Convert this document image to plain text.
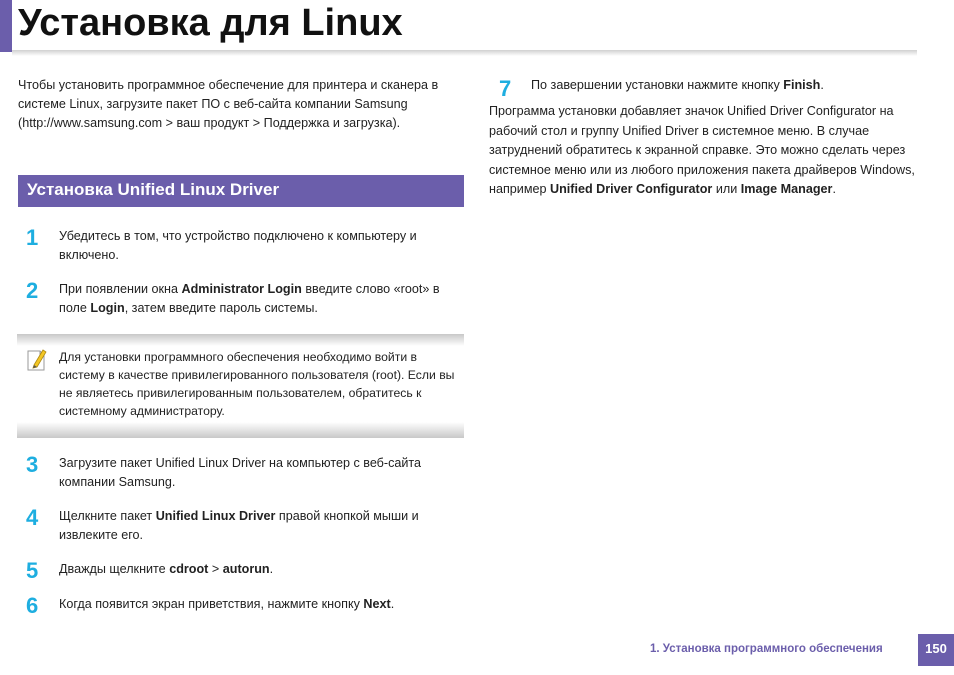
Установка для Linux
Чтобы установить программное обеспечение для принтера и сканера в системе Linux, загрузите пакет ПО с веб-сайта компании Samsung (http://www.samsung.com > ваш продукт > Поддержка и загрузка).
Установка Unified Linux Driver
1 Убедитесь в том, что устройство подключено к компьютеру и включено.
2 При появлении окна Administrator Login введите слово «root» в поле Login, затем введите пароль системы.
Для установки программного обеспечения необходимо войти в систему в качестве привилегированного пользователя (root). Если вы не являетесь привилегированным пользователем, обратитесь к системному администратору.
3 Загрузите пакет Unified Linux Driver на компьютер с веб-сайта компании Samsung.
4 Щелкните пакет Unified Linux Driver правой кнопкой мыши и извлеките его.
5 Дважды щелкните cdroot > autorun.
6 Когда появится экран приветствия, нажмите кнопку Next.
7 По завершении установки нажмите кнопку Finish.
Программа установки добавляет значок Unified Driver Configurator на рабочий стол и группу Unified Driver в системное меню. В случае затруднений обратитесь к экранной справке. Это можно сделать через системное меню или из любого приложения пакета драйверов Windows, например Unified Driver Configurator или Image Manager.
1. Установка программного обеспечения	150
